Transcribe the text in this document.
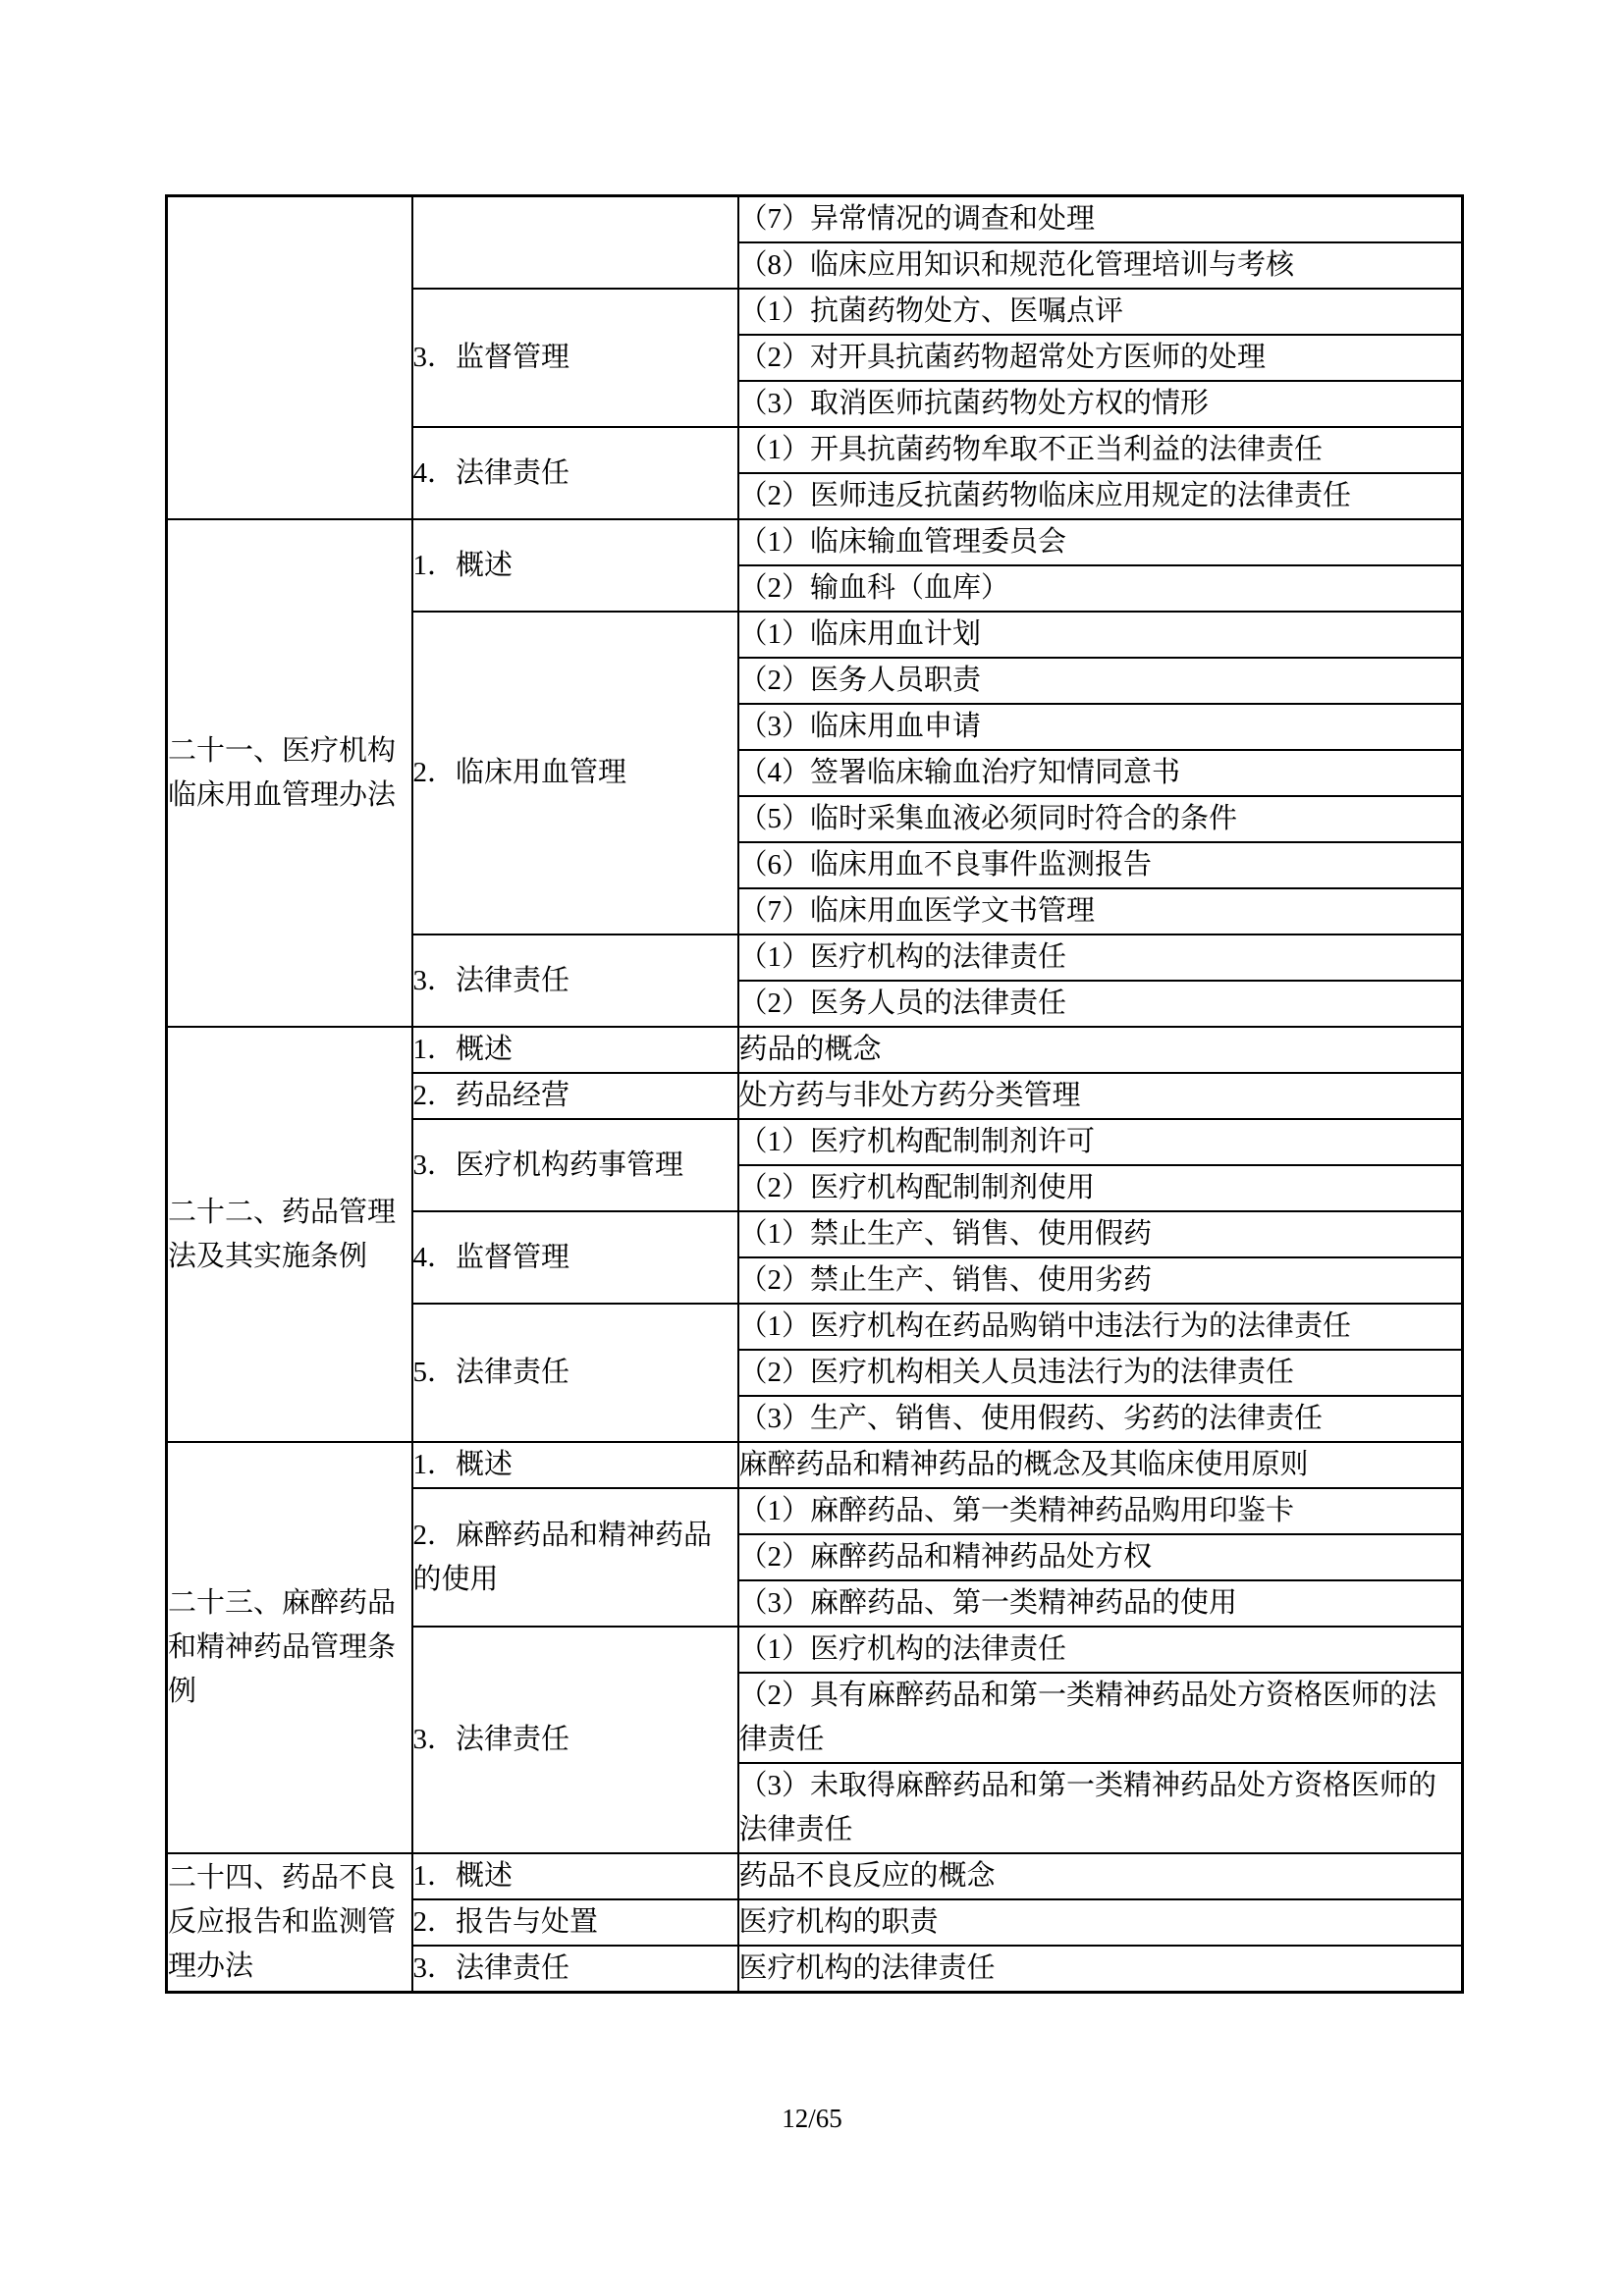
		（7）异常情况的调查和处理
		（8）临床应用知识和规范化管理培训与考核
	3．监督管理	（1）抗菌药物处方、医嘱点评
		（2）对开具抗菌药物超常处方医师的处理
		（3）取消医师抗菌药物处方权的情形
	4．法律责任	（1）开具抗菌药物牟取不正当利益的法律责任
		（2）医师违反抗菌药物临床应用规定的法律责任
二十一、医疗机构临床用血管理办法	1．概述	（1）临床输血管理委员会
		（2）输血科（血库）
	2．临床用血管理	（1）临床用血计划
		（2）医务人员职责
		（3）临床用血申请
		（4）签署临床输血治疗知情同意书
		（5）临时采集血液必须同时符合的条件
		（6）临床用血不良事件监测报告
		（7）临床用血医学文书管理
	3．法律责任	（1）医疗机构的法律责任
		（2）医务人员的法律责任
二十二、药品管理法及其实施条例	1．概述	药品的概念
	2．药品经营	处方药与非处方药分类管理
	3．医疗机构药事管理	（1）医疗机构配制制剂许可
		（2）医疗机构配制制剂使用
	4．监督管理	（1）禁止生产、销售、使用假药
		（2）禁止生产、销售、使用劣药
	5．法律责任	（1）医疗机构在药品购销中违法行为的法律责任
		（2）医疗机构相关人员违法行为的法律责任
		（3）生产、销售、使用假药、劣药的法律责任
二十三、麻醉药品和精神药品管理条例	1．概述	麻醉药品和精神药品的概念及其临床使用原则
	2．麻醉药品和精神药品的使用	（1）麻醉药品、第一类精神药品购用印鉴卡
		（2）麻醉药品和精神药品处方权
		（3）麻醉药品、第一类精神药品的使用
	3．法律责任	（1）医疗机构的法律责任
		（2）具有麻醉药品和第一类精神药品处方资格医师的法律责任
		（3）未取得麻醉药品和第一类精神药品处方资格医师的法律责任
二十四、药品不良反应报告和监测管理办法	1．概述	药品不良反应的概念
	2．报告与处置	医疗机构的职责
	3．法律责任	医疗机构的法律责任
12/65
